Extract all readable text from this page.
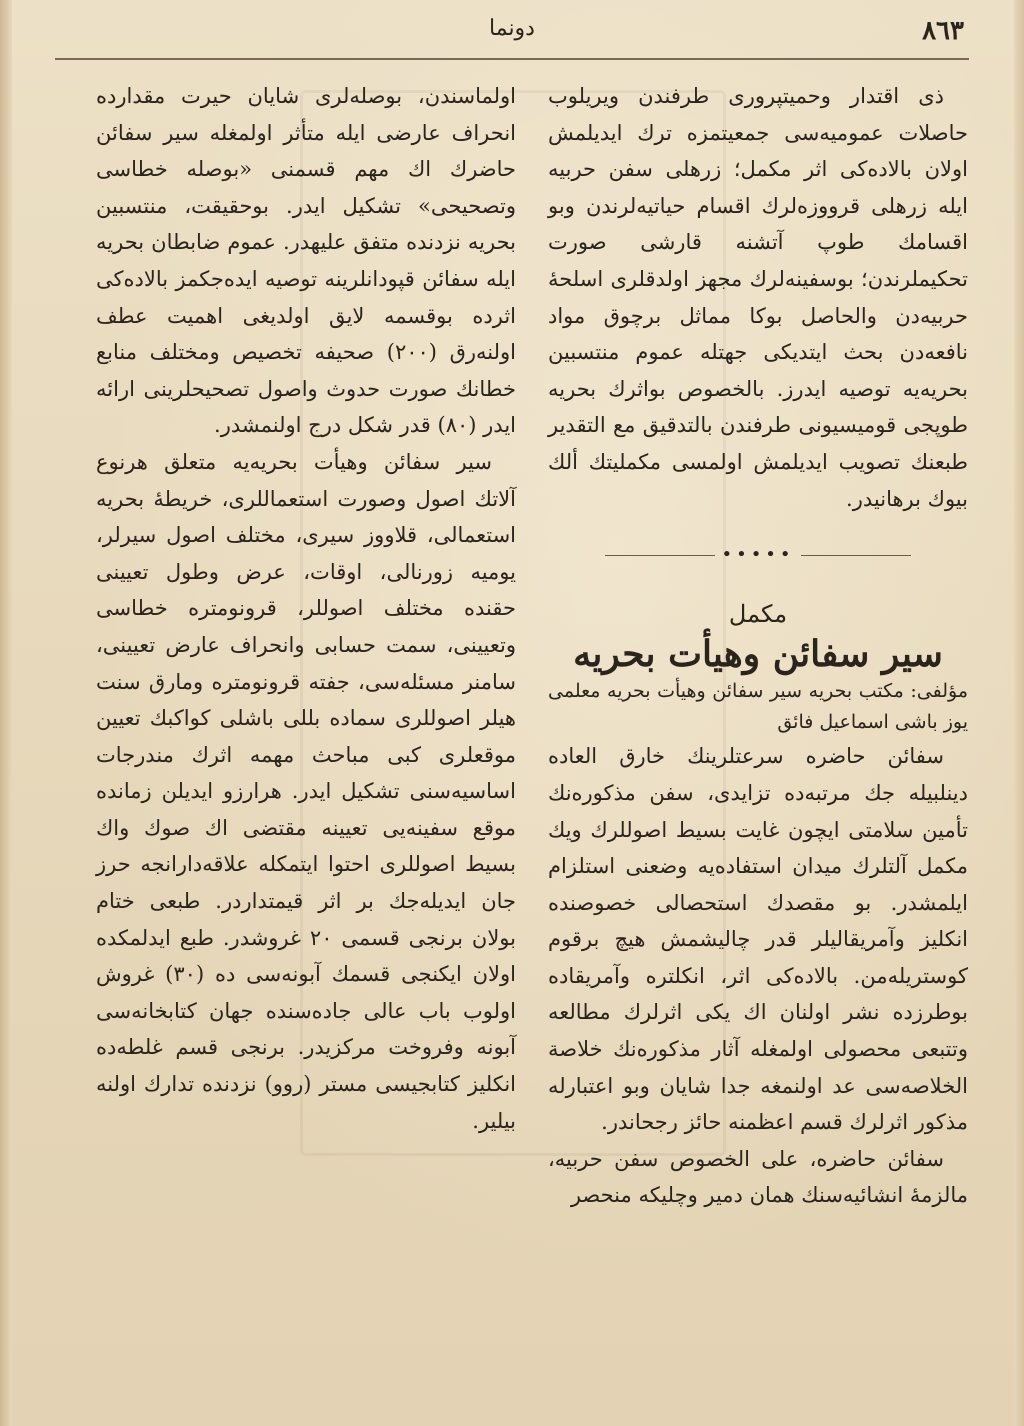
٨٦٣
دونما

ذی اقتدار وحمیتپروری طرفندن ویریلوب حاصلات عمومیه‌سی جمعیتمزه ترك ایدیلمش اولان بالاده‌کی اثر مکمل؛ زرهلی سفن حربیه ایله زرهلی قرووزه‌لرك اقسام حیاتیه‌لرندن وبو اقسامك طوپ آتشنه قارشی صورت تحکیملرندن؛ بوسفینه‌لرك مجهز اولدقلری اسلحهٔ حربیه‌دن والحاصل بوکا مماثل برچوق مواد نافعه‌دن بحث ایتدیکی جهتله عموم منتسبین بحریه‌یه توصیه ایدرز. بالخصوص بواثرك بحریه طوپجی قومیسیونی طرفندن بالتدقیق مع التقدیر طبعنك تصویب ایدیلمش اولمسی مکملیتك ألك بیوك برهانیدر.

•••••

مکمل

سیر سفائن وهیأت بحریه

مؤلفی: مکتب بحریه سیر سفائن وهیأت بحریه معلمی یوز باشی اسماعیل فائق

سفائن حاضره سرعتلرینك خارق العاده دینلبیله جك مرتبه‌ده تزایدی، سفن مذکوره‌نك تأمین سلامتی ایچون غایت بسیط اصوللرك ویك مکمل آلتلرك میدان استفاده‌یه وضعنی استلزام ایلمشدر. بو مقصدك استحصالی خصوصنده انکلیز وآمریقالیلر قدر چالیشمش هیچ برقوم کوستریله‌من. بالاده‌کی اثر، انکلتره وآمریقاده بوطرزده نشر اولنان اك یکی اثرلرك مطالعه وتتبعی محصولی اولمغله آثار مذکوره‌نك خلاصة الخلاصه‌سی عد اولنمغه جدا شایان وبو اعتبارله مذکور اثرلرك قسم اعظمنه حائز رجحاندر.

سفائن حاضره، علی الخصوص سفن حربیه، مالزمهٔ انشائیه‌سنك همان دمیر وچلیکه منحصر

اولماسندن، بوصله‌لری شایان حیرت مقدارده انحراف عارضی ایله متأثر اولمغله سیر سفائن حاضرك اك مهم قسمنی «بوصله خطاسی وتصحیحی» تشکیل ایدر. بوحقیقت، منتسبین بحریه نزدنده متفق علیهدر. عموم ضابطان بحریه ایله سفائن قپودانلرینه توصیه ایده‌جکمز بالاده‌کی اثرده بوقسمه لایق اولدیغی اهمیت عطف اولنه‌رق (٢٠٠) صحیفه تخصیص ومختلف منابع خطانك صورت حدوث واصول تصحیحلرینی ارائه ایدر (٨٠) قدر شکل درج اولنمشدر.

سیر سفائن وهیأت بحریه‌یه متعلق هرنوع آلاتك اصول وصورت استعماللری، خریطهٔ بحریه استعمالی، قلاووز سیری، مختلف اصول سیرلر، یومیه زورنالی، اوقات، عرض وطول تعیینی حقنده مختلف اصوللر، قرونومتره خطاسی وتعیینی، سمت حسابی وانحراف عارض تعیینی، سامنر مسئله‌سی، جفته قرونومتره ومارق سنت هیلر اصوللری سماده بللی باشلی کواکبك تعیین موقعلری کبی مباحث مهمه اثرك مندرجات اساسیه‌سنی تشکیل ایدر. هرارزو ایدیلن زمانده موقع سفینه‌یی تعیینه مقتضی اك صوك واك بسیط اصوللری احتوا ایتمکله علاقه‌دارانجه حرز جان ایدیله‌جك بر اثر قیمتداردر. طبعی ختام بولان برنجی قسمی ٢٠ غروشدر. طبع ایدلمکده اولان ایکنجی قسمك آبونه‌سی ده (٣٠) غروش اولوب باب عالی جاده‌سنده جهان کتابخانه‌سی آبونه وفروخت مرکزیدر. برنجی قسم غلطه‌ده انکلیز کتابجیسی مستر (روو) نزدنده تدارك اولنه بیلیر.
